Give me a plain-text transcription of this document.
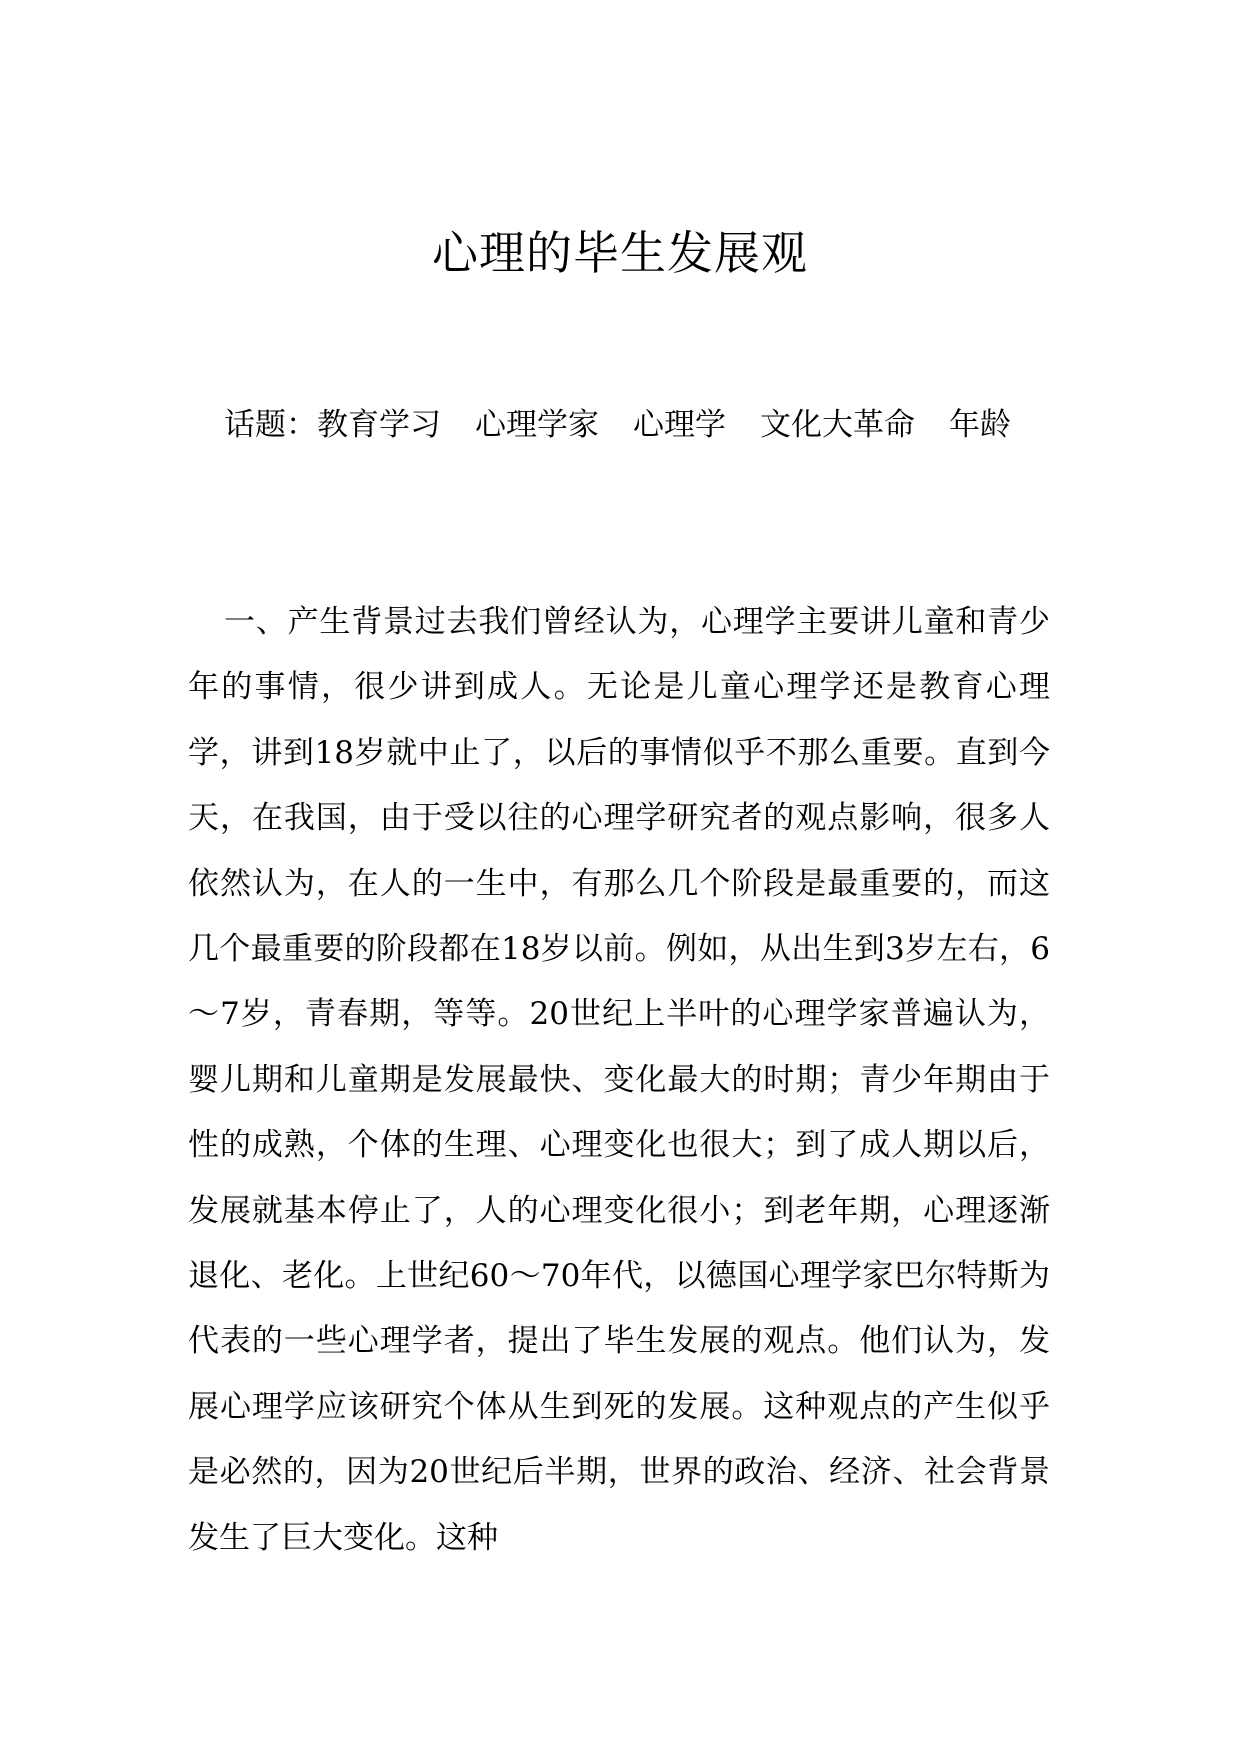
心理的毕生发展观
话题：教育学习 心理学家 心理学 文化大革命 年龄

一、产生背景过去我们曾经认为，心理学主要讲儿童和青少年的事情，很少讲到成人。无论是儿童心理学还是教育心理学，讲到18岁就中止了，以后的事情似乎不那么重要。直到今天，在我国，由于受以往的心理学研究者的观点影响，很多人依然认为，在人的一生中，有那么几个阶段是最重要的，而这几个最重要的阶段都在18岁以前。例如，从出生到3岁左右，6～7岁，青春期，等等。20世纪上半叶的心理学家普遍认为，婴儿期和儿童期是发展最快、变化最大的时期；青少年期由于性的成熟，个体的生理、心理变化也很大；到了成人期以后，发展就基本停止了，人的心理变化很小；到老年期，心理逐渐退化、老化。上世纪60～70年代，以德国心理学家巴尔特斯为代表的一些心理学者，提出了毕生发展的观点。他们认为，发展心理学应该研究个体从生到死的发展。这种观点的产生似乎是必然的，因为20世纪后半期，世界的政治、经济、社会背景发生了巨大变化。这种
